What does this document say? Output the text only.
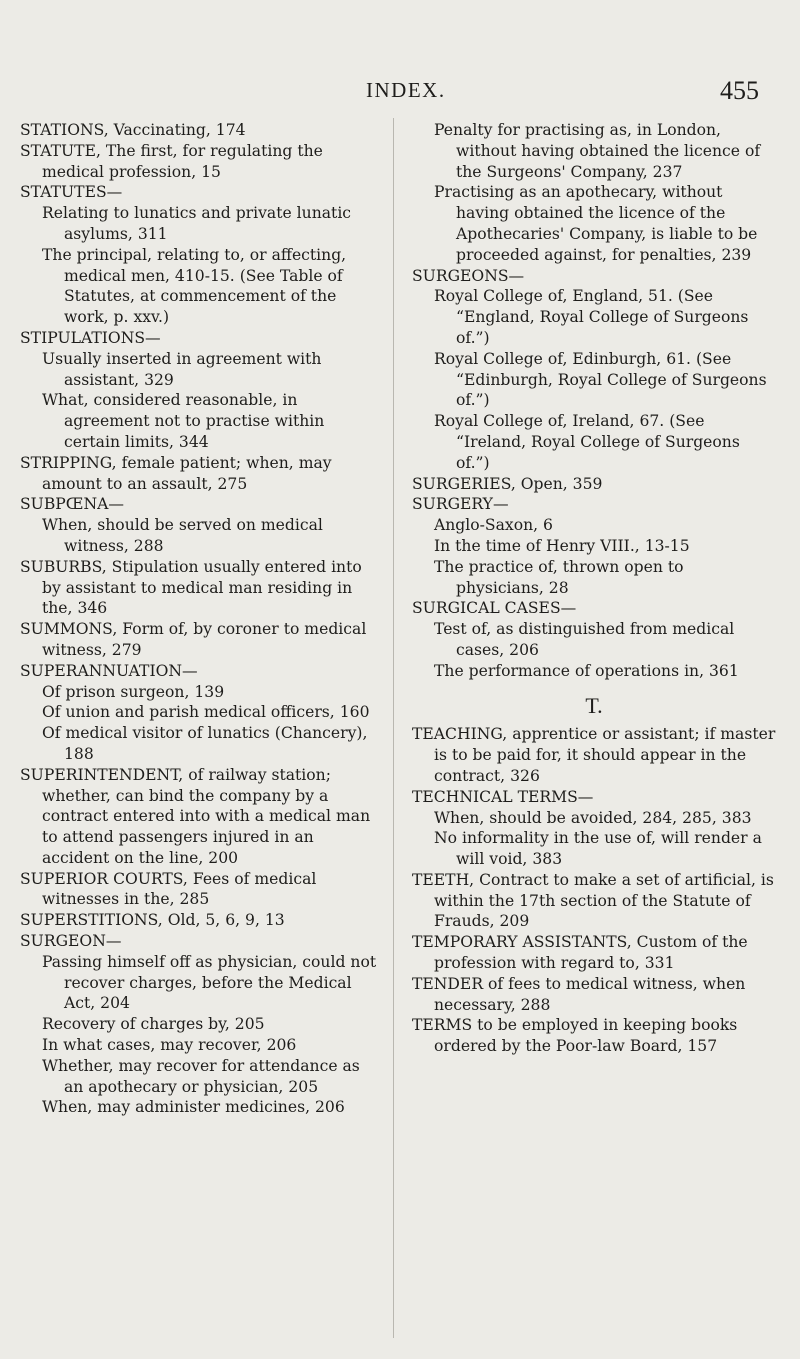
INDEX.	455

STATIONS, Vaccinating, 174

STATUTE, The first, for regulating the medical profession, 15

STATUTES—

Relating to lunatics and private lunatic asylums, 311

The principal, relating to, or affecting, medical men, 410-15. (See Table of Statutes, at commencement of the work, p. xxv.)

STIPULATIONS—

Usually inserted in agreement with assistant, 329

What, considered reasonable, in agreement not to practise within certain limits, 344

STRIPPING, female patient; when, may amount to an assault, 275

SUBPŒNA—

When, should be served on medical witness, 288

SUBURBS, Stipulation usually entered into by assistant to medical man residing in the, 346

SUMMONS, Form of, by coroner to medical witness, 279

SUPERANNUATION—

Of prison surgeon, 139

Of union and parish medical officers, 160

Of medical visitor of lunatics (Chancery), 188

SUPERINTENDENT, of railway station; whether, can bind the company by a contract entered into with a medical man to attend passengers injured in an accident on the line, 200

SUPERIOR COURTS, Fees of medical witnesses in the, 285

SUPERSTITIONS, Old, 5, 6, 9, 13

SURGEON—

Passing himself off as physician, could not recover charges, before the Medical Act, 204

Recovery of charges by, 205

In what cases, may recover, 206

Whether, may recover for attendance as an apothecary or physician, 205

When, may administer medicines, 206

Penalty for practising as, in London, without having obtained the licence of the Surgeons' Company, 237

Practising as an apothecary, without having obtained the licence of the Apothecaries' Company, is liable to be proceeded against, for penalties, 239

SURGEONS—

Royal College of, England, 51. (See “England, Royal College of Surgeons of.”)

Royal College of, Edinburgh, 61. (See “Edinburgh, Royal College of Surgeons of.”)

Royal College of, Ireland, 67. (See “Ireland, Royal College of Surgeons of.”)

SURGERIES, Open, 359

SURGERY—

Anglo-Saxon, 6

In the time of Henry VIII., 13-15

The practice of, thrown open to physicians, 28

SURGICAL CASES—

Test of, as distinguished from medical cases, 206

The performance of operations in, 361

T.

TEACHING, apprentice or assistant; if master is to be paid for, it should appear in the contract, 326

TECHNICAL TERMS—

When, should be avoided, 284, 285, 383

No informality in the use of, will render a will void, 383

TEETH, Contract to make a set of artificial, is within the 17th section of the Statute of Frauds, 209

TEMPORARY ASSISTANTS, Custom of the profession with regard to, 331

TENDER of fees to medical witness, when necessary, 288

TERMS to be employed in keeping books ordered by the Poor-law Board, 157
